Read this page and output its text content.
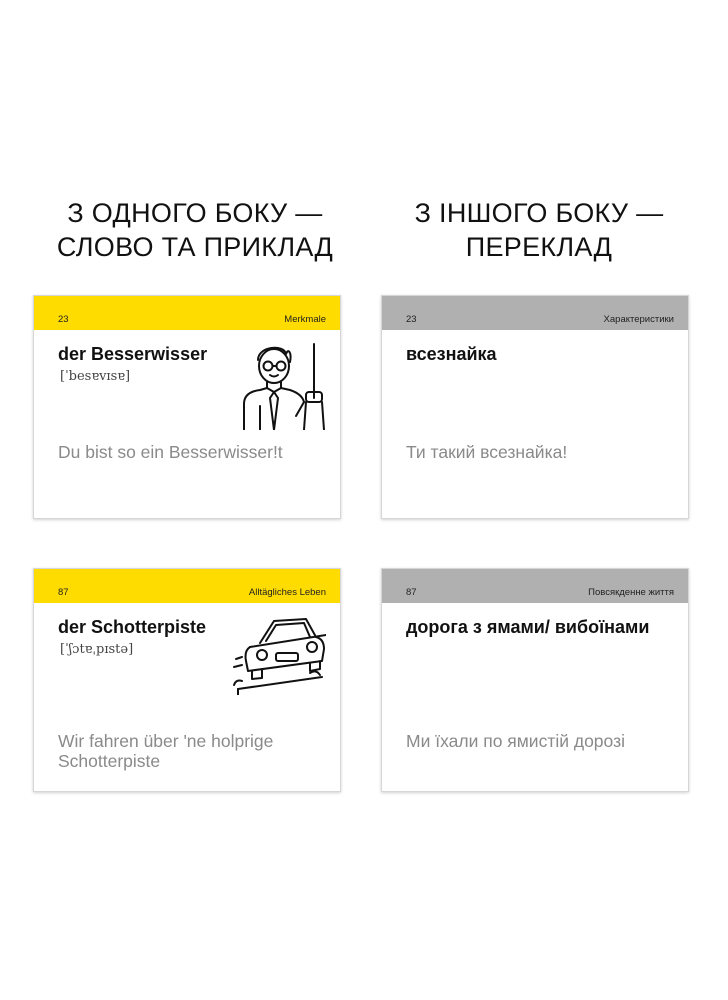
З ОДНОГО БОКУ —
СЛОВО ТА ПРИКЛАД
З ІНШОГО БОКУ —
ПЕРЕКЛАД
23	Merkmale
der Besserwisser
[ˈbesɐvɪsɐ]
Du bist so ein Besserwisser!t
23	Характеристики
всезнайка
Ти такий всезнайка!
87	Alltägliches Leben
der Schotterpiste
[ˈʃɔtɐˌpɪstə]
Wir fahren über 'ne holprige Schotterpiste
87	Повсякденне життя
дорога з ямами/ вибоїнами
Ми їхали по ямистій дорозі
